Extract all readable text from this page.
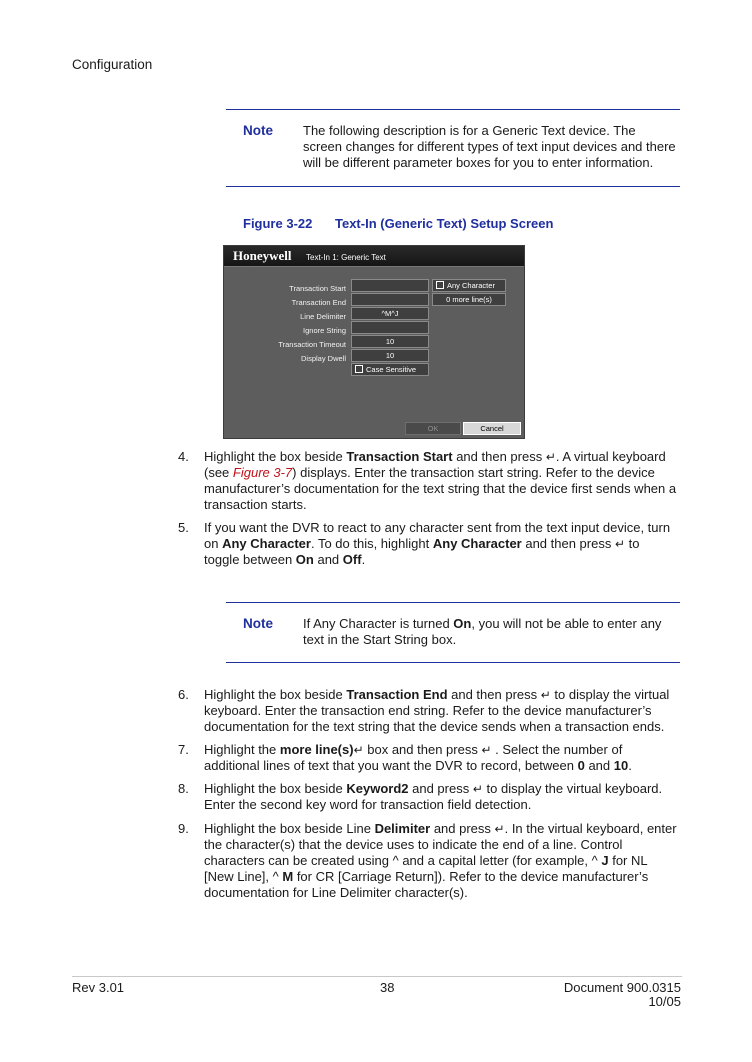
Configuration
Note The following description is for a Generic Text device. The
screen changes for different types of text input devices and there
will be different parameter boxes for you to enter information.
Figure 3-22 Text-In (Generic Text) Setup Screen
Honeywell Text-In 1: Generic Text
Transaction Start
Transaction End
Line Delimiter	^M^J
Ignore String
Transaction Timeout	10
Display Dwell	10
Case Sensitive
Any Character
0 more line(s)
OK	Cancel
4. Highlight the box beside Transaction Start and then press ↵. A virtual keyboard
(see Figure 3-7) displays. Enter the transaction start string. Refer to the device
manufacturer’s documentation for the text string that the device first sends when a
transaction starts.
5. If you want the DVR to react to any character sent from the text input device, turn
on Any Character. To do this, highlight Any Character and then press ↵ to
toggle between On and Off.
Note If Any Character is turned On, you will not be able to enter any
text in the Start String box.
6. Highlight the box beside Transaction End and then press ↵ to display the virtual
keyboard. Enter the transaction end string. Refer to the device manufacturer’s
documentation for the text string that the device sends when a transaction ends.
7. Highlight the more line(s)↵ box and then press ↵ . Select the number of
additional lines of text that you want the DVR to record, between 0 and 10.
8. Highlight the box beside Keyword2 and press ↵ to display the virtual keyboard.
Enter the second key word for transaction field detection.
9. Highlight the box beside Line Delimiter and press ↵. In the virtual keyboard, enter
the character(s) that the device uses to indicate the end of a line. Control
characters can be created using ^ and a capital letter (for example, ^ J for NL
[New Line], ^ M for CR [Carriage Return]). Refer to the device manufacturer’s
documentation for Line Delimiter character(s).
Rev 3.01	38	Document 900.0315
10/05
